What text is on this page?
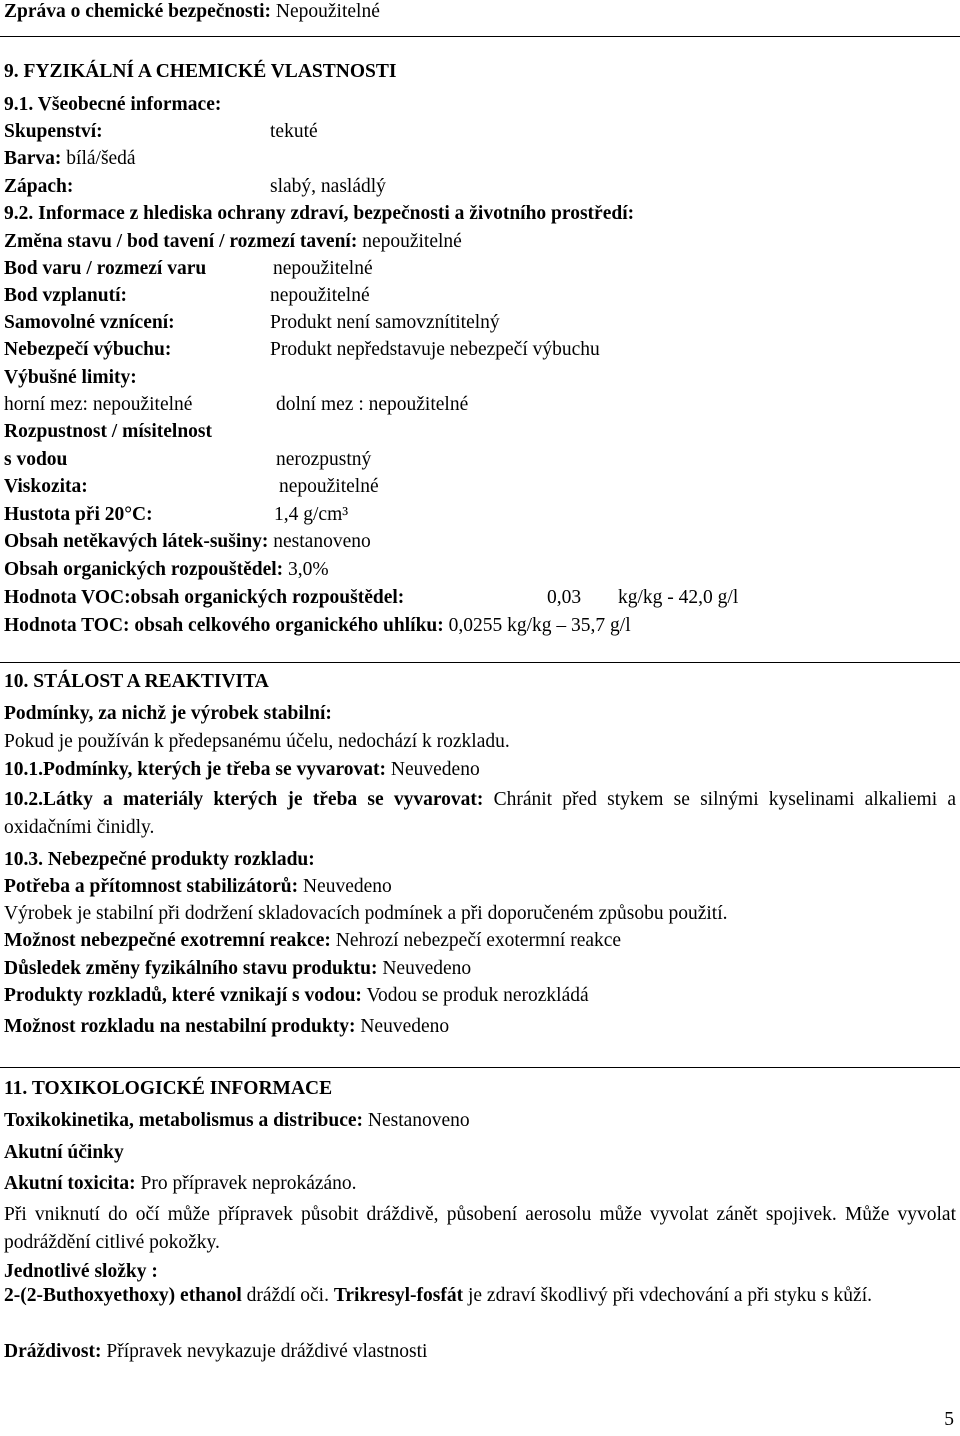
Zpráva o chemické bezpečnosti: Nepoužitelné
9. FYZIKÁLNÍ A CHEMICKÉ VLASTNOSTI
9.1. Všeobecné informace:
Skupenství:	tekuté
Barva: bílá/šedá
Zápach:	slabý, nasládlý
9.2. Informace z hlediska ochrany zdraví, bezpečnosti a životního prostředí:
Změna stavu / bod tavení / rozmezí tavení: nepoužitelné
Bod varu / rozmezí varu	nepoužitelné
Bod vzplanutí:	nepoužitelné
Samovolné vznícení:	Produkt není samovznítitelný
Nebezpečí výbuchu:	Produkt nepředstavuje nebezpečí výbuchu
Výbušné limity:
horní mez: nepoužitelné	dolní mez : nepoužitelné
Rozpustnost / mísitelnost
s vodou	nerozpustný
Viskozita:	nepoužitelné
Hustota při 20°C:	1,4 g/cm³
Obsah netěkavých látek-sušiny: nestanoveno
Obsah organických rozpouštědel: 3,0%
Hodnota VOC:obsah organických rozpouštědel:	0,03 kg/kg - 42,0 g/l
Hodnota TOC: obsah celkového organického uhlíku: 0,0255 kg/kg – 35,7 g/l
10. STÁLOST A REAKTIVITA
Podmínky, za nichž je výrobek stabilní:
Pokud je používán k předepsanému účelu, nedochází k rozkladu.
10.1.Podmínky, kterých je třeba se vyvarovat: Neuvedeno
10.2.Látky a materiály kterých je třeba se vyvarovat: Chránit před stykem se silnými kyselinami alkaliemi a oxidačními činidly.
10.3. Nebezpečné produkty rozkladu:
Potřeba a přítomnost stabilizátorů: Neuvedeno
Výrobek je stabilní při dodržení skladovacích podmínek a při doporučeném způsobu použití.
Možnost nebezpečné exotremní reakce: Nehrozí nebezpečí exotermní reakce
Důsledek změny fyzikálního stavu produktu: Neuvedeno
Produkty rozkladů, které vznikají s vodou: Vodou se produk nerozkládá
Možnost rozkladu na nestabilní produkty: Neuvedeno
11. TOXIKOLOGICKÉ INFORMACE
Toxikokinetika, metabolismus a distribuce: Nestanoveno
Akutní účinky
Akutní toxicita: Pro přípravek neprokázáno.
Při vniknutí do očí může přípravek působit dráždivě, působení aerosolu může vyvolat zánět spojivek. Může vyvolat podráždění citlivé pokožky.
Jednotlivé složky :
2-(2-Buthoxyethoxy) ethanol dráždí oči. Trikresyl-fosfát je zdraví škodlivý při vdechování a při styku s kůží.
Dráždivost: Přípravek nevykazuje dráždivé vlastnosti
5
